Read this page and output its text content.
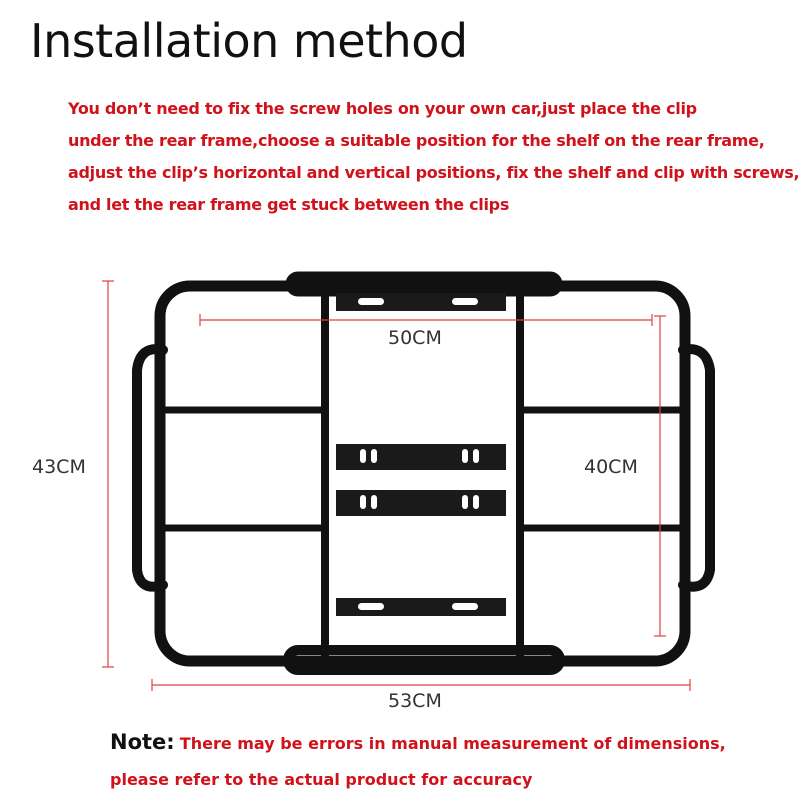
Installation method
You don’t need to fix the screw holes on your own car,just place the clip
under the rear frame,choose a suitable position for the shelf on the rear frame,
adjust the clip’s horizontal and vertical positions, fix the shelf and clip with screws,
and let the rear frame get stuck between the clips
50CM
43CM	40CM
53CM
Note: There may be errors in manual measurement of dimensions,
please refer to the actual product for accuracy
